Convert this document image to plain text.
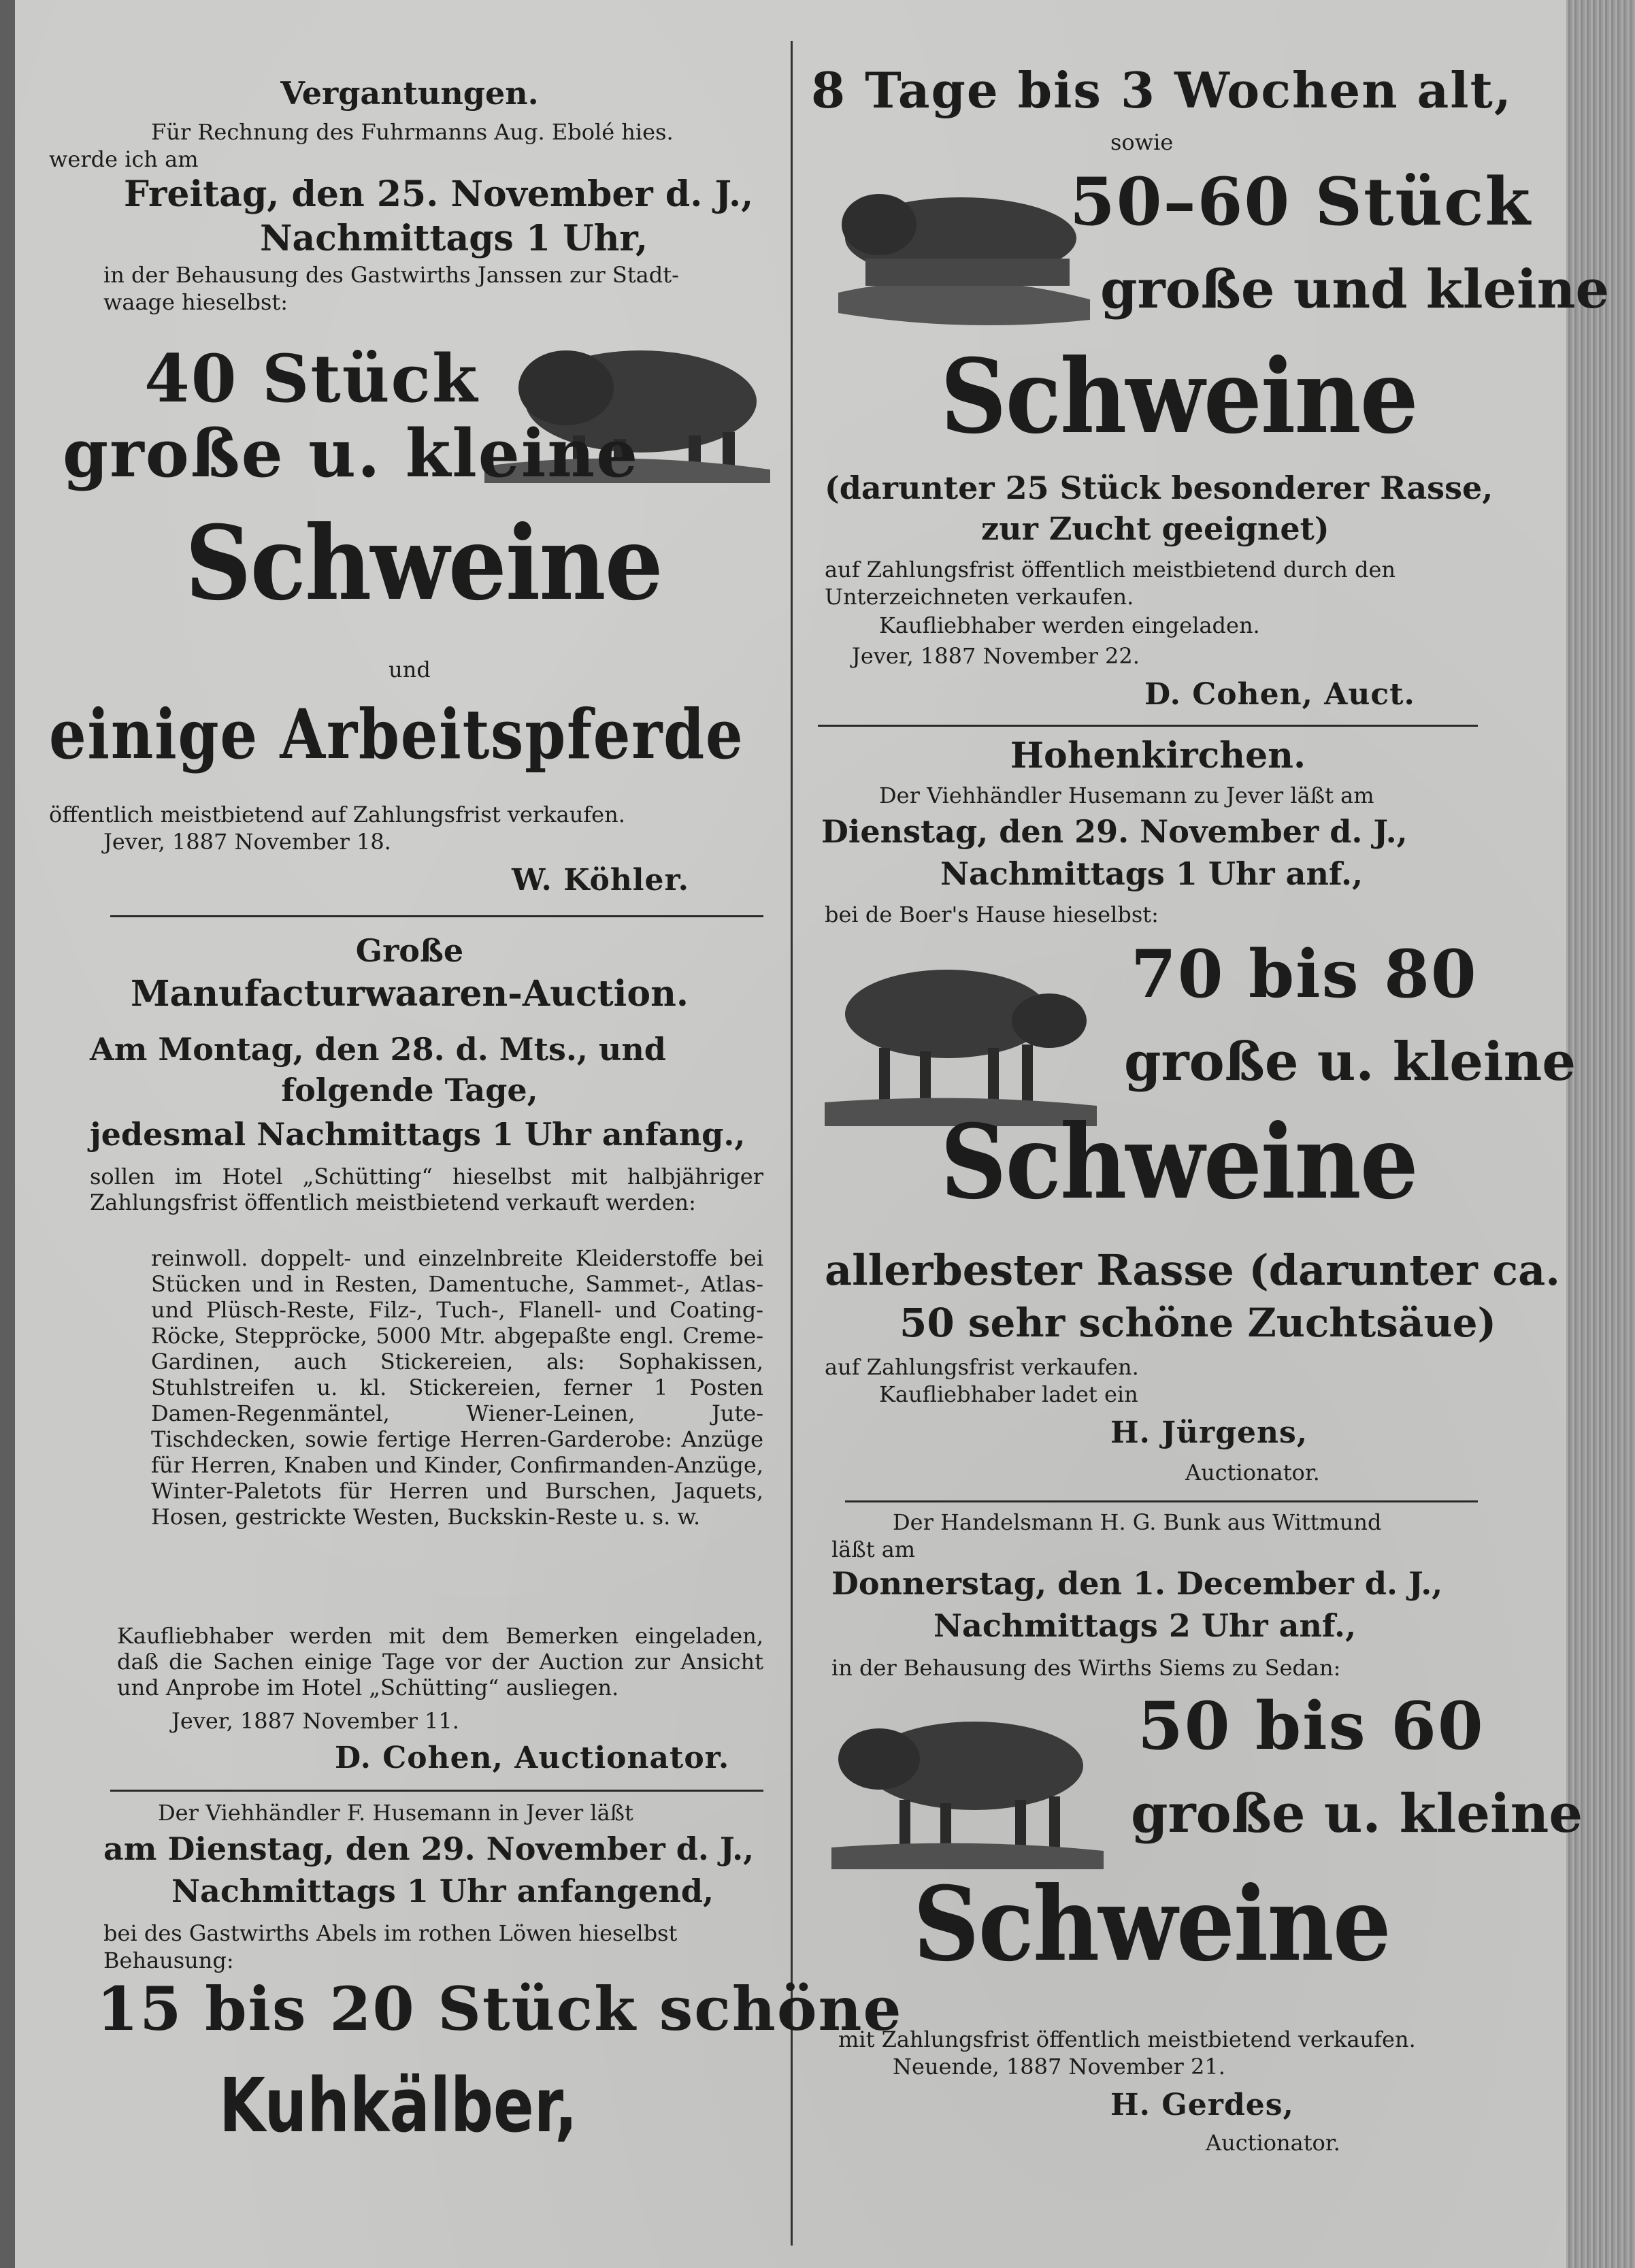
Vergantungen.

Für Rechnung des Fuhrmanns Aug. Ebolé hies.

werde ich am

Freitag, den 25. November d. J.,

Nachmittags 1 Uhr,

in der Behausung des Gastwirths Janssen zur Stadt-

waage hieselbst:

40 Stück

große u. kleine

Schweine

und

einige Arbeitspferde

öffentlich meistbietend auf Zahlungsfrist verkaufen.

Jever, 1887 November 18.

W. Köhler.

Große

Manufacturwaaren-Auction.

Am Montag, den 28. d. Mts., und

folgende Tage,

jedesmal Nachmittags 1 Uhr anfang.,

sollen im Hotel „Schütting“ hieselbst mit halbjähriger Zahlungsfrist öffentlich meistbietend verkauft werden:

reinwoll. doppelt- und einzelnbreite Kleiderstoffe bei Stücken und in Resten, Damentuche, Sammet-, Atlas- und Plüsch-Reste, Filz-, Tuch-, Flanell- und Coating-Röcke, Steppröcke, 5000 Mtr. abgepaßte engl. Creme-Gardinen, auch Stickereien, als: Sophakissen, Stuhlstreifen u. kl. Stickereien, ferner 1 Posten Damen-Regenmäntel, Wiener-Leinen, Jute-Tischdecken, sowie fertige Herren-Garderobe: Anzüge für Herren, Knaben und Kinder, Confirmanden-Anzüge, Winter-Paletots für Herren und Burschen, Jaquets, Hosen, gestrickte Westen, Buckskin-Reste u. s. w.

Kaufliebhaber werden mit dem Bemerken eingeladen, daß die Sachen einige Tage vor der Auction zur Ansicht und Anprobe im Hotel „Schütting“ ausliegen.

Jever, 1887 November 11.

D. Cohen, Auctionator.

Der Viehhändler F. Husemann in Jever läßt

am Dienstag, den 29. November d. J.,

Nachmittags 1 Uhr anfangend,

bei des Gastwirths Abels im rothen Löwen hieselbst

Behausung:

15 bis 20 Stück schöne

Kuhkälber,

8 Tage bis 3 Wochen alt,

sowie

50–60 Stück

große und kleine

Schweine

(darunter 25 Stück besonderer Rasse,

zur Zucht geeignet)

auf Zahlungsfrist öffentlich meistbietend durch den

Unterzeichneten verkaufen.

Kaufliebhaber werden eingeladen.

Jever, 1887 November 22.

D. Cohen, Auct.

Hohenkirchen.

Der Viehhändler Husemann zu Jever läßt am

Dienstag, den 29. November d. J.,

Nachmittags 1 Uhr anf.,

bei de Boer's Hause hieselbst:

70 bis 80

große u. kleine

Schweine

allerbester Rasse (darunter ca.

50 sehr schöne Zuchtsäue)

auf Zahlungsfrist verkaufen.

Kaufliebhaber ladet ein

H. Jürgens,

Auctionator.

Der Handelsmann H. G. Bunk aus Wittmund

läßt am

Donnerstag, den 1. December d. J.,

Nachmittags 2 Uhr anf.,

in der Behausung des Wirths Siems zu Sedan:

50 bis 60

große u. kleine

Schweine

mit Zahlungsfrist öffentlich meistbietend verkaufen.

Neuende, 1887 November 21.

H. Gerdes,

Auctionator.
